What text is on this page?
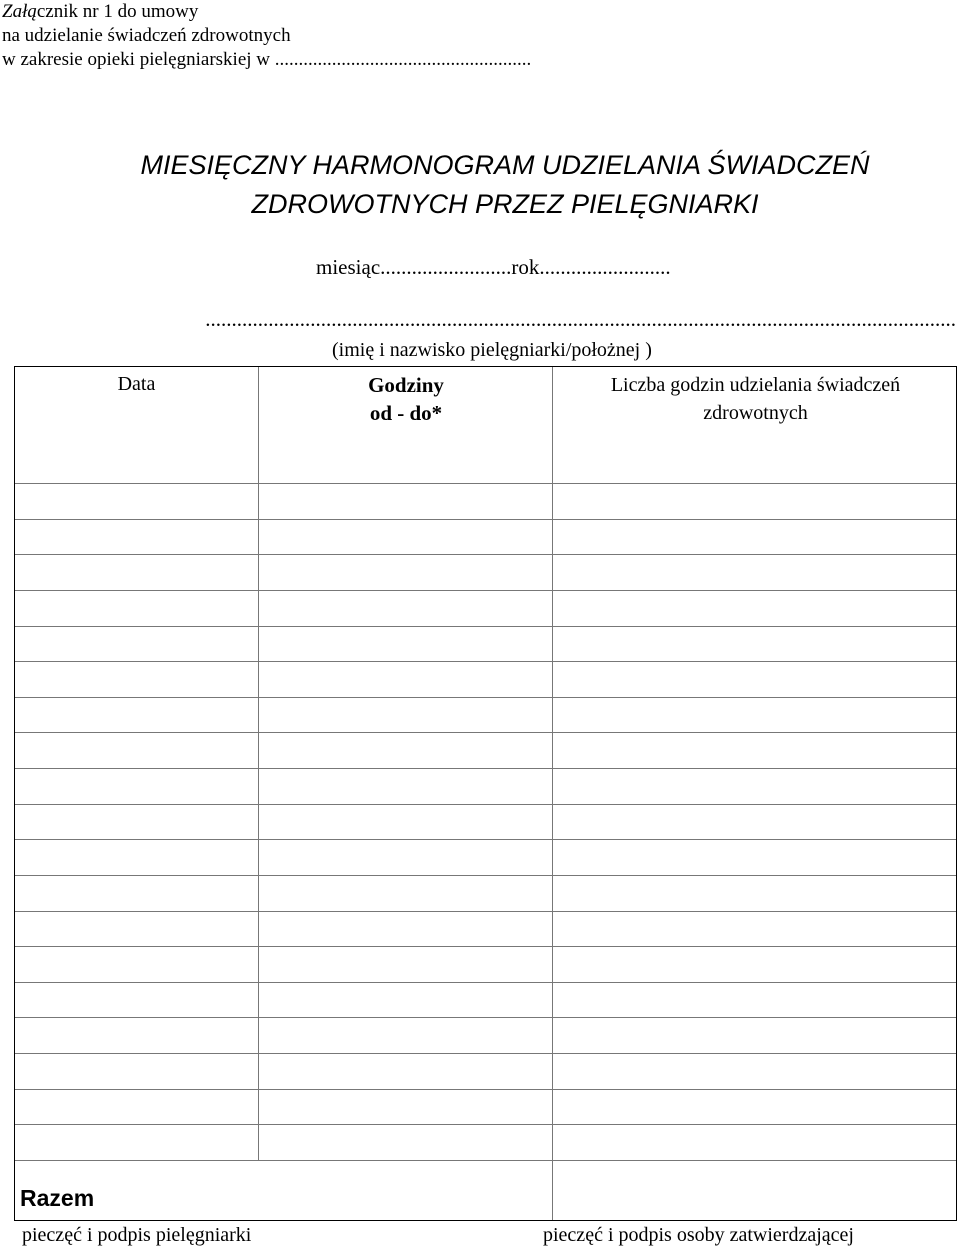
Załącznik nr 1 do umowy
na udzielanie świadczeń zdrowotnych
w zakresie opieki pielęgniarskiej w ......................................................
MIESIĘCZNY HARMONOGRAM UDZIELANIA ŚWIADCZEŃ
ZDROWOTNYCH PRZEZ PIELĘGNIARKI
miesiąc.........................rok.........................
...............................................................................................................................................
(imię i nazwisko pielęgniarki/położnej )
Data	Godziny
od - do*
Liczba godzin udzielania świadczeń
zdrowotnych
Razem
pieczęć i podpis pielęgniarki	pieczęć i podpis osoby zatwierdzającej
